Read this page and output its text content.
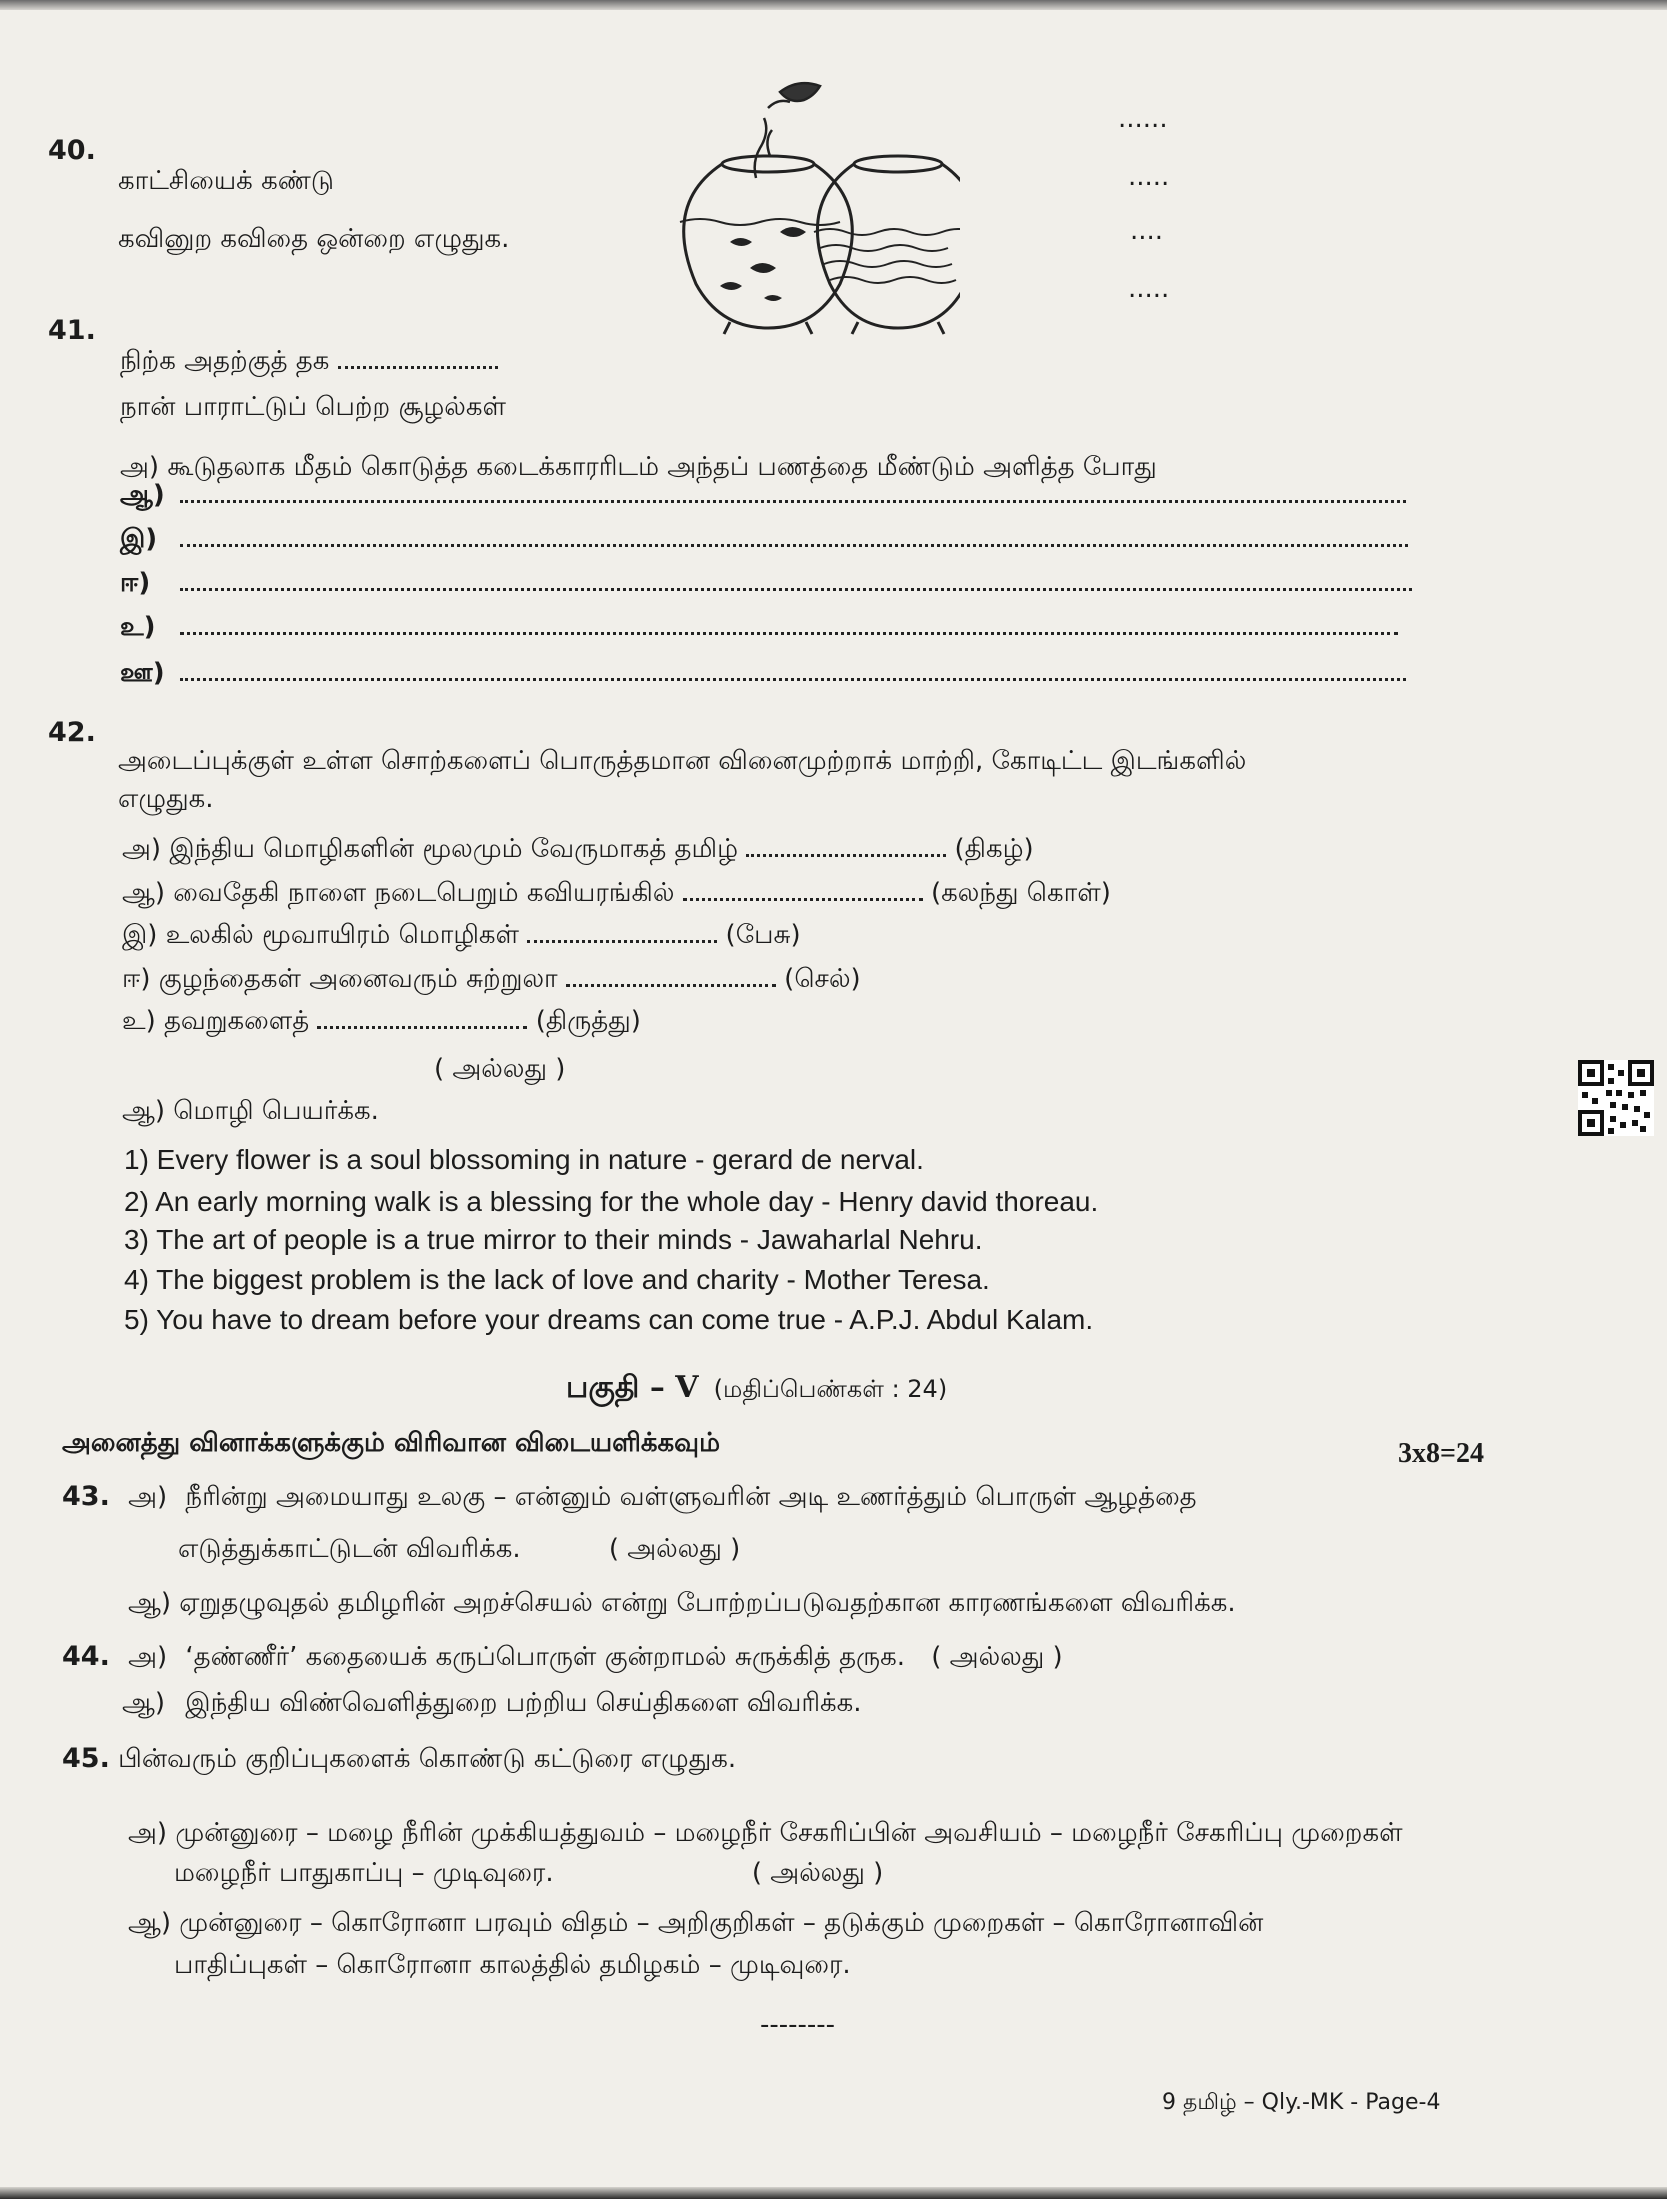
40.
காட்சியைக் கண்டு
கவினுற கவிதை ஒன்றை எழுதுக.
......
.....
....
.....
41.
நிற்க அதற்குத் தக
நான் பாராட்டுப் பெற்ற சூழல்கள்
அ) கூடுதலாக மீதம் கொடுத்த கடைக்காரரிடம் அந்தப் பணத்தை மீண்டும் அளித்த போது
ஆ)
இ)
ஈ)
உ)
ஊ)
42.
அடைப்புக்குள் உள்ள சொற்களைப் பொருத்தமான வினைமுற்றாக் மாற்றி, கோடிட்ட இடங்களில்
எழுதுக.
அ) இந்திய மொழிகளின் மூலமும் வேருமாகத் தமிழ்	(திகழ்)
ஆ) வைதேகி நாளை நடைபெறும் கவியரங்கில்	(கலந்து கொள்)
இ) உலகில் மூவாயிரம் மொழிகள்	(பேசு)
ஈ) குழந்தைகள் அனைவரும் சுற்றுலா	(செல்)
உ) தவறுகளைத்	(திருத்து)
( அல்லது )
ஆ) மொழி பெயர்க்க.
1) Every flower is a soul blossoming in nature - gerard de nerval.
2) An early morning walk is a blessing for the whole day - Henry david thoreau.
3) The art of people is a true mirror to their minds - Jawaharlal Nehru.
4) The biggest problem is the lack of love and charity - Mother Teresa.
5) You have to dream before your dreams can come true - A.P.J. Abdul Kalam.
பகுதி – V (மதிப்பெண்கள் : 24)
அனைத்து வினாக்களுக்கும் விரிவான விடையளிக்கவும்	3x8=24
43. அ) நீரின்று அமையாது உலகு – என்னும் வள்ளுவரின் அடி உணர்த்தும் பொருள் ஆழத்தை
எடுத்துக்காட்டுடன் விவரிக்க.	( அல்லது )
ஆ) ஏறுதழுவுதல் தமிழரின் அறச்செயல் என்று போற்றப்படுவதற்கான காரணங்களை விவரிக்க.
44. அ) ‘தண்ணீர்’ கதையைக் கருப்பொருள் குன்றாமல் சுருக்கித் தருக. ( அல்லது )
ஆ) இந்திய விண்வெளித்துறை பற்றிய செய்திகளை விவரிக்க.
45. பின்வரும் குறிப்புகளைக் கொண்டு கட்டுரை எழுதுக.
அ) முன்னுரை – மழை நீரின் முக்கியத்துவம் – மழைநீர் சேகரிப்பின் அவசியம் – மழைநீர் சேகரிப்பு முறைகள்
மழைநீர் பாதுகாப்பு – முடிவுரை.	( அல்லது )
ஆ) முன்னுரை – கொரோனா பரவும் விதம் – அறிகுறிகள் – தடுக்கும் முறைகள் – கொரோனாவின்
பாதிப்புகள் – கொரோனா காலத்தில் தமிழகம் – முடிவுரை.
--------
9 தமிழ் – Qly.-MK - Page-4
